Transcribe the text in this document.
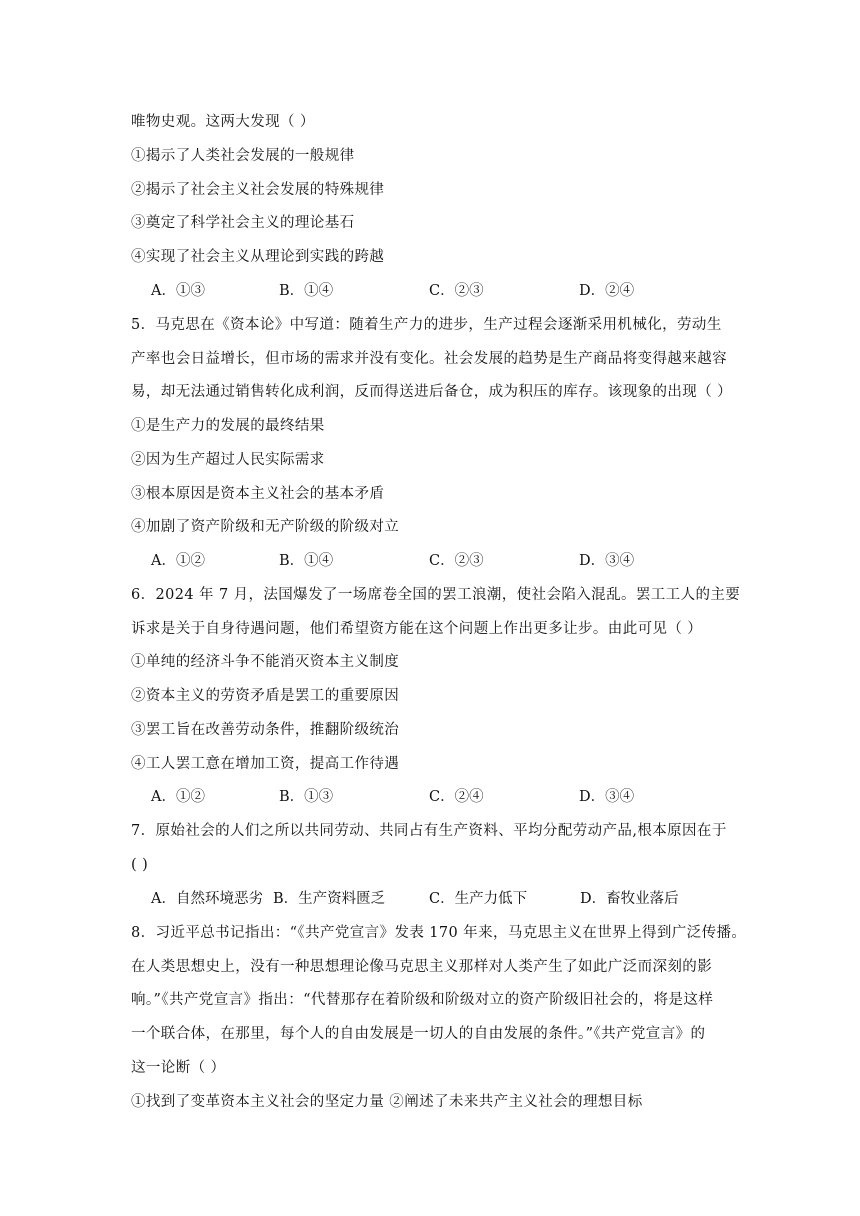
唯物史观。这两大发现（ ）
①揭示了人类社会发展的一般规律
②揭示了社会主义社会发展的特殊规律
③奠定了科学社会主义的理论基石
④实现了社会主义从理论到实践的跨越
A．①③	B．①④	C．②③	D．②④
5．马克思在《资本论》中写道：随着生产力的进步，生产过程会逐渐采用机械化，劳动生
产率也会日益增长，但市场的需求并没有变化。社会发展的趋势是生产商品将变得越来越容
易，却无法通过销售转化成利润，反而得送进后备仓，成为积压的库存。该现象的出现（ ）
①是生产力的发展的最终结果
②因为生产超过人民实际需求
③根本原因是资本主义社会的基本矛盾
④加剧了资产阶级和无产阶级的阶级对立
A．①②	B．①④	C．②③	D．③④
6．2024 年 7 月，法国爆发了一场席卷全国的罢工浪潮，使社会陷入混乱。罢工工人的主要
诉求是关于自身待遇问题，他们希望资方能在这个问题上作出更多让步。由此可见（ ）
①单纯的经济斗争不能消灭资本主义制度
②资本主义的劳资矛盾是罢工的重要原因
③罢工旨在改善劳动条件，推翻阶级统治
④工人罢工意在增加工资，提高工作待遇
A．①②	B．①③	C．②④	D．③④
7．原始社会的人们之所以共同劳动、共同占有生产资料、平均分配劳动产品,根本原因在于
( )
A．自然环境恶劣 B．生产资料匮乏	C．生产力低下	D．畜牧业落后
8．习近平总书记指出：“《共产党宣言》发表 170 年来，马克思主义在世界上得到广泛传播。
在人类思想史上，没有一种思想理论像马克思主义那样对人类产生了如此广泛而深刻的影
响。”《共产党宣言》指出：“代替那存在着阶级和阶级对立的资产阶级旧社会的，将是这样
一个联合体，在那里，每个人的自由发展是一切人的自由发展的条件。”《共产党宣言》的
这一论断（ ）
①找到了变革资本主义社会的坚定力量 ②阐述了未来共产主义社会的理想目标
